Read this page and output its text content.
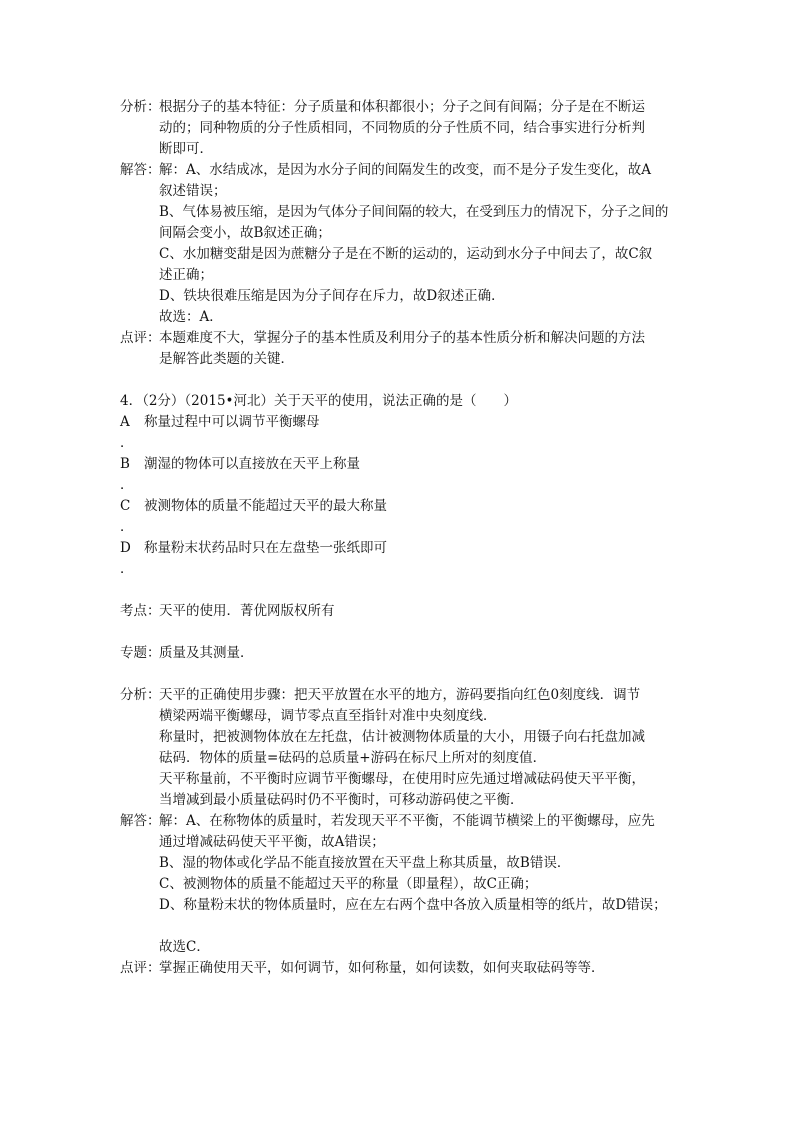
分析：
根据分子的基本特征：分子质量和体积都很小；分子之间有间隔；分子是在不断运
动的；同种物质的分子性质相同，不同物质的分子性质不同，结合事实进行分析判
断即可．
解答：
解：A、水结成冰，是因为水分子间的间隔发生的改变，而不是分子发生变化，故A
叙述错误；
B、气体易被压缩，是因为气体分子间间隔的较大，在受到压力的情况下，分子之间的
间隔会变小，故B叙述正确；
C、水加糖变甜是因为蔗糖分子是在不断的运动的，运动到水分子中间去了，故C叙
述正确；
D、铁块很难压缩是因为分子间存在斥力，故D叙述正确．
故选：A．
点评：
本题难度不大，掌握分子的基本性质及利用分子的基本性质分析和解决问题的方法
是解答此类题的关键．
4．（2分）（2015•河北）关于天平的使用，说法正确的是（　　）
A	称量过程中可以调节平衡螺母
．
B	潮湿的物体可以直接放在天平上称量
．
C 被测物体的质量不能超过天平的最大称量
．
D 称量粉末状药品时只在左盘垫一张纸即可
．
考点：
天平的使用．菁优网版权所有
专题：
质量及其测量．
分析：
天平的正确使用步骤：把天平放置在水平的地方，游码要指向红色0刻度线．调节
横梁两端平衡螺母，调节零点直至指针对准中央刻度线．
称量时，把被测物体放在左托盘，估计被测物体质量的大小，用镊子向右托盘加减
砝码．物体的质量=砝码的总质量+游码在标尺上所对的刻度值．
天平称量前，不平衡时应调节平衡螺母，在使用时应先通过增减砝码使天平平衡，
当增减到最小质量砝码时仍不平衡时，可移动游码使之平衡．
解答：
解：A、在称物体的质量时，若发现天平不平衡，不能调节横梁上的平衡螺母，应先
通过增减砝码使天平平衡，故A错误；
B、湿的物体或化学品不能直接放置在天平盘上称其质量，故B错误．
C、被测物体的质量不能超过天平的称量（即量程），故C正确；
D、称量粉末状的物体质量时，应在左右两个盘中各放入质量相等的纸片，故D错误；
故选C．
点评：
掌握正确使用天平，如何调节，如何称量，如何读数，如何夹取砝码等等．
